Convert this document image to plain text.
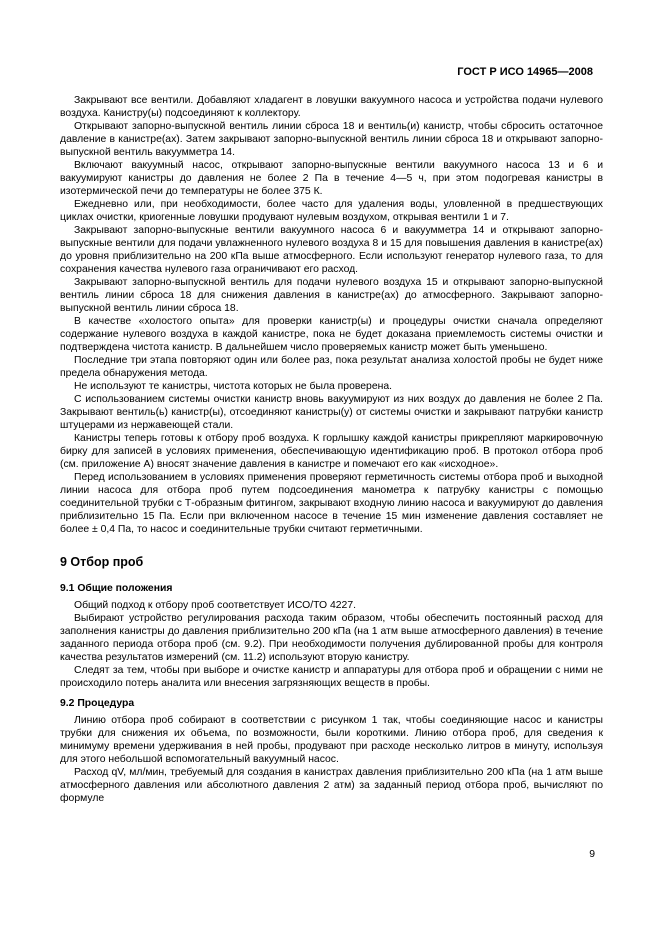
ГОСТ Р ИСО 14965—2008

Закрывают все вентили. Добавляют хладагент в ловушки вакуумного насоса и устройства подачи нулевого воздуха. Канистру(ы) подсоединяют к коллектору.

Открывают запорно-выпускной вентиль линии сброса 18 и вентиль(и) канистр, чтобы сбросить остаточное давление в канистре(ах). Затем закрывают запорно-выпускной вентиль линии сброса 18 и открывают запорно-выпускной вентиль вакуумметра 14.

Включают вакуумный насос, открывают запорно-выпускные вентили вакуумного насоса 13 и 6 и вакуумируют канистры до давления не более 2 Па в течение 4—5 ч, при этом подогревая канистры в изотермической печи до температуры не более 375 К.

Ежедневно или, при необходимости, более часто для удаления воды, уловленной в предшествующих циклах очистки, криогенные ловушки продувают нулевым воздухом, открывая вентили 1 и 7.

Закрывают запорно-выпускные вентили вакуумного насоса 6 и вакуумметра 14 и открывают запорно-выпускные вентили для подачи увлажненного нулевого воздуха 8 и 15 для повышения давления в канистре(ах) до уровня приблизительно на 200 кПа выше атмосферного. Если используют генератор нулевого газа, то для сохранения качества нулевого газа ограничивают его расход.

Закрывают запорно-выпускной вентиль для подачи нулевого воздуха 15 и открывают запорно-выпускной вентиль линии сброса 18 для снижения давления в канистре(ах) до атмосферного. Закрывают запорно-выпускной вентиль линии сброса 18.

В качестве «холостого опыта» для проверки канистр(ы) и процедуры очистки сначала определяют содержание нулевого воздуха в каждой канистре, пока не будет доказана приемлемость системы очистки и подтверждена чистота канистр. В дальнейшем число проверяемых канистр может быть уменьшено.

Последние три этапа повторяют один или более раз, пока результат анализа холостой пробы не будет ниже предела обнаружения метода.

Не используют те канистры, чистота которых не была проверена.

С использованием системы очистки канистр вновь вакуумируют из них воздух до давления не более 2 Па. Закрывают вентиль(ь) канистр(ы), отсоединяют канистры(у) от системы очистки и закрывают патрубки канистр штуцерами из нержавеющей стали.

Канистры теперь готовы к отбору проб воздуха. К горлышку каждой канистры прикрепляют маркировочную бирку для записей в условиях применения, обеспечивающую идентификацию проб. В протокол отбора проб (см. приложение А) вносят значение давления в канистре и помечают его как «исходное».

Перед использованием в условиях применения проверяют герметичность системы отбора проб и выходной линии насоса для отбора проб путем подсоединения манометра к патрубку канистры с помощью соединительной трубки с Т-образным фитингом, закрывают входную линию насоса и вакуумируют до давления приблизительно 15 Па. Если при включенном насосе в течение 15 мин изменение давления составляет не более ± 0,4 Па, то насос и соединительные трубки считают герметичными.

9 Отбор проб
9.1 Общие положения

Общий подход к отбору проб соответствует ИСО/ТО 4227.

Выбирают устройство регулирования расхода таким образом, чтобы обеспечить постоянный расход для заполнения канистры до давления приблизительно 200 кПа (на 1 атм выше атмосферного давления) в течение заданного периода отбора проб (см. 9.2). При необходимости получения дублированной пробы для контроля качества результатов измерений (см. 11.2) используют вторую канистру.

Следят за тем, чтобы при выборе и очистке канистр и аппаратуры для отбора проб и обращении с ними не происходило потерь аналита или внесения загрязняющих веществ в пробы.

9.2 Процедура

Линию отбора проб собирают в соответствии с рисунком 1 так, чтобы соединяющие насос и канистры трубки для снижения их объема, по возможности, были короткими. Линию отбора проб, для сведения к минимуму времени удерживания в ней пробы, продувают при расходе несколько литров в минуту, используя для этого небольшой вспомогательный вакуумный насос.

Расход qV, мл/мин, требуемый для создания в канистрах давления приблизительно 200 кПа (на 1 атм выше атмосферного давления или абсолютного давления 2 атм) за заданный период отбора проб, вычисляют по формуле

9
